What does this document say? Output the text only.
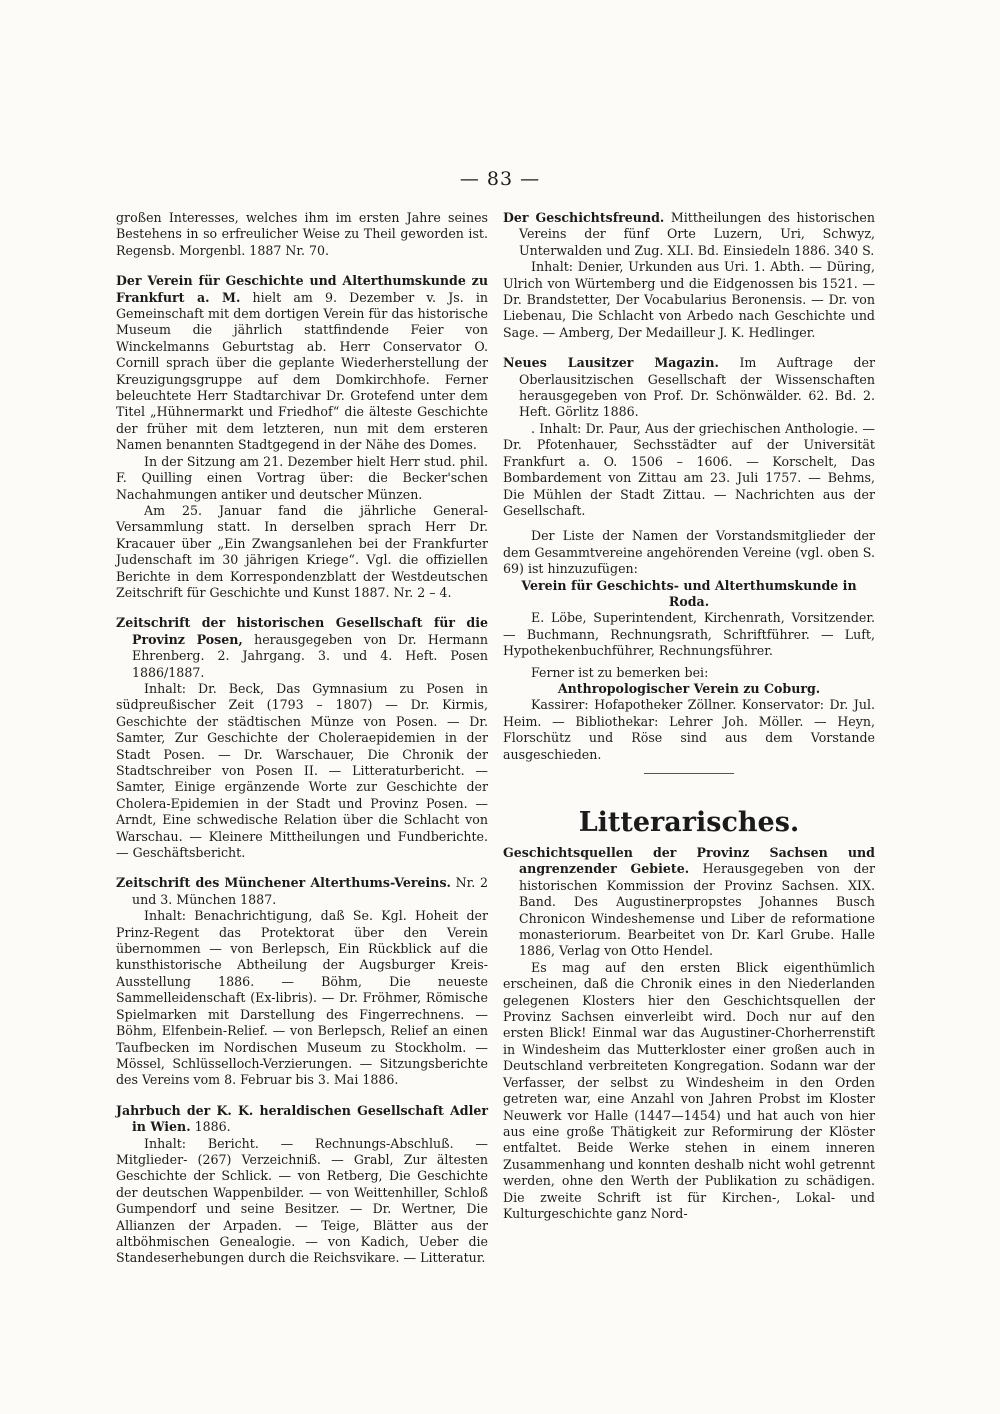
— 83 —

großen Interesses, welches ihm im ersten Jahre seines Bestehens in so erfreulicher Weise zu Theil geworden ist. Regensb. Morgenbl. 1887 Nr. 70.

Der Verein für Geschichte und Alterthumskunde zu Frankfurt a. M. hielt am 9. Dezember v. Js. in Gemeinschaft mit dem dortigen Verein für das historische Museum die jährlich stattfindende Feier von Winckelmanns Geburtstag ab. Herr Conservator O. Cornill sprach über die geplante Wiederherstellung der Kreuzigungsgruppe auf dem Domkirchhofe. Ferner beleuchtete Herr Stadtarchivar Dr. Grotefend unter dem Titel „Hühnermarkt und Friedhof“ die älteste Geschichte der früher mit dem letzteren, nun mit dem ersteren Namen benannten Stadtgegend in der Nähe des Domes.

In der Sitzung am 21. Dezember hielt Herr stud. phil. F. Quilling einen Vortrag über: die Becker'schen Nachahmungen antiker und deutscher Münzen.

Am 25. Januar fand die jährliche General-Versammlung statt. In derselben sprach Herr Dr. Kracauer über „Ein Zwangsanlehen bei der Frankfurter Judenschaft im 30 jährigen Kriege“. Vgl. die offiziellen Berichte in dem Korrespondenzblatt der Westdeutschen Zeitschrift für Geschichte und Kunst 1887. Nr. 2 – 4.

Zeitschrift der historischen Gesellschaft für die Provinz Posen, herausgegeben von Dr. Hermann Ehrenberg. 2. Jahrgang. 3. und 4. Heft. Posen 1886/1887.

Inhalt: Dr. Beck, Das Gymnasium zu Posen in südpreußischer Zeit (1793 – 1807) — Dr. Kirmis, Geschichte der städtischen Münze von Posen. — Dr. Samter, Zur Geschichte der Choleraepidemien in der Stadt Posen. — Dr. Warschauer, Die Chronik der Stadtschreiber von Posen II. — Litteraturbericht. — Samter, Einige ergänzende Worte zur Geschichte der Cholera-Epidemien in der Stadt und Provinz Posen. — Arndt, Eine schwedische Relation über die Schlacht von Warschau. — Kleinere Mittheilungen und Fundberichte. — Geschäftsbericht.

Zeitschrift des Münchener Alterthums-Vereins. Nr. 2 und 3. München 1887.

Inhalt: Benachrichtigung, daß Se. Kgl. Hoheit der Prinz-Regent das Protektorat über den Verein übernommen — von Berlepsch, Ein Rückblick auf die kunsthistorische Abtheilung der Augsburger Kreis-Ausstellung 1886. — Böhm, Die neueste Sammelleidenschaft (Ex-libris). — Dr. Fröhmer, Römische Spielmarken mit Darstellung des Fingerrechnens. — Böhm, Elfenbein-Relief. — von Berlepsch, Relief an einen Taufbecken im Nordischen Museum zu Stockholm. — Mössel, Schlüsselloch-Verzierungen. — Sitzungsberichte des Vereins vom 8. Februar bis 3. Mai 1886.

Jahrbuch der K. K. heraldischen Gesellschaft Adler in Wien. 1886.

Inhalt: Bericht. — Rechnungs-Abschluß. — Mitglieder- (267) Verzeichniß. — Grabl, Zur ältesten Geschichte der Schlick. — von Retberg, Die Geschichte der deutschen Wappenbilder. — von Weittenhiller, Schloß Gumpendorf und seine Besitzer. — Dr. Wertner, Die Allianzen der Arpaden. — Teige, Blätter aus der altböhmischen Genealogie. — von Kadich, Ueber die Standeserhebungen durch die Reichsvikare. — Litteratur.

Der Geschichtsfreund. Mittheilungen des historischen Vereins der fünf Orte Luzern, Uri, Schwyz, Unterwalden und Zug. XLI. Bd. Einsiedeln 1886. 340 S.

Inhalt: Denier, Urkunden aus Uri. 1. Abth. — Düring, Ulrich von Würtemberg und die Eidgenossen bis 1521. — Dr. Brandstetter, Der Vocabularius Beronensis. — Dr. von Liebenau, Die Schlacht von Arbedo nach Geschichte und Sage. — Amberg, Der Medailleur J. K. Hedlinger.

Neues Lausitzer Magazin. Im Auftrage der Oberlausitzischen Gesellschaft der Wissenschaften herausgegeben von Prof. Dr. Schönwälder. 62. Bd. 2. Heft. Görlitz 1886.

. Inhalt: Dr. Paur, Aus der griechischen Anthologie. — Dr. Pfotenhauer, Sechsstädter auf der Universität Frankfurt a. O. 1506 – 1606. — Korschelt, Das Bombardement von Zittau am 23. Juli 1757. — Behms, Die Mühlen der Stadt Zittau. — Nachrichten aus der Gesellschaft.

Der Liste der Namen der Vorstandsmitglieder der dem Gesammtvereine angehörenden Vereine (vgl. oben S. 69) ist hinzuzufügen:

Verein für Geschichts- und Alterthumskunde in Roda.

E. Löbe, Superintendent, Kirchenrath, Vorsitzender. — Buchmann, Rechnungsrath, Schriftführer. — Luft, Hypothekenbuchführer, Rechnungsführer.

Ferner ist zu bemerken bei:

Anthropologischer Verein zu Coburg.

Kassirer: Hofapotheker Zöllner. Konservator: Dr. Jul. Heim. — Bibliothekar: Lehrer Joh. Möller. — Heyn, Florschütz und Röse sind aus dem Vorstande ausgeschieden.

Litterarisches.

Geschichtsquellen der Provinz Sachsen und angrenzender Gebiete. Herausgegeben von der historischen Kommission der Provinz Sachsen. XIX. Band. Des Augustinerpropstes Johannes Busch Chronicon Windeshemense und Liber de reformatione monasteriorum. Bearbeitet von Dr. Karl Grube. Halle 1886, Verlag von Otto Hendel.

Es mag auf den ersten Blick eigenthümlich erscheinen, daß die Chronik eines in den Niederlanden gelegenen Klosters hier den Geschichtsquellen der Provinz Sachsen einverleibt wird. Doch nur auf den ersten Blick! Einmal war das Augustiner-Chorherrenstift in Windesheim das Mutterkloster einer großen auch in Deutschland verbreiteten Kongregation. Sodann war der Verfasser, der selbst zu Windesheim in den Orden getreten war, eine Anzahl von Jahren Probst im Kloster Neuwerk vor Halle (1447—1454) und hat auch von hier aus eine große Thätigkeit zur Reformirung der Klöster entfaltet. Beide Werke stehen in einem inneren Zusammenhang und konnten deshalb nicht wohl getrennt werden, ohne den Werth der Publikation zu schädigen. Die zweite Schrift ist für Kirchen-, Lokal- und Kulturgeschichte ganz Nord-
